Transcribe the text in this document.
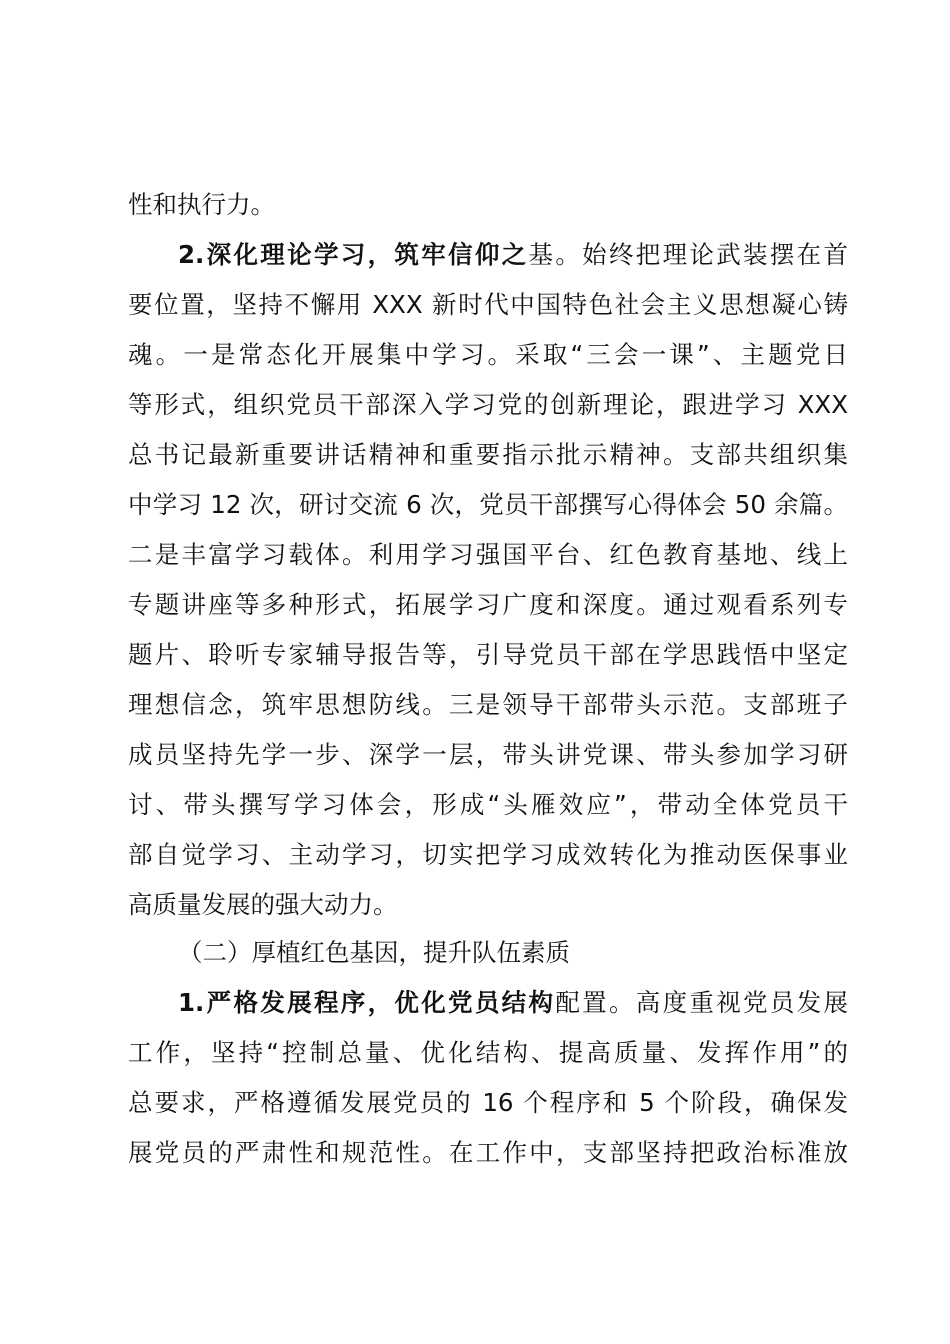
性和执行力。

2.深化理论学习，筑牢信仰之基。始终把理论武装摆在首

要位置，坚持不懈用 XXX 新时代中国特色社会主义思想凝心铸

魂。一是常态化开展集中学习。采取“三会一课”、主题党日

等形式，组织党员干部深入学习党的创新理论，跟进学习 XXX

总书记最新重要讲话精神和重要指示批示精神。支部共组织集

中学习 12 次，研讨交流 6 次，党员干部撰写心得体会 50 余篇。

二是丰富学习载体。利用学习强国平台、红色教育基地、线上

专题讲座等多种形式，拓展学习广度和深度。通过观看系列专

题片、聆听专家辅导报告等，引导党员干部在学思践悟中坚定

理想信念，筑牢思想防线。三是领导干部带头示范。支部班子

成员坚持先学一步、深学一层，带头讲党课、带头参加学习研

讨、带头撰写学习体会，形成“头雁效应”，带动全体党员干

部自觉学习、主动学习，切实把学习成效转化为推动医保事业

高质量发展的强大动力。

（二）厚植红色基因，提升队伍素质

1.严格发展程序，优化党员结构配置。高度重视党员发展

工作，坚持“控制总量、优化结构、提高质量、发挥作用”的

总要求，严格遵循发展党员的 16 个程序和 5 个阶段，确保发

展党员的严肃性和规范性。在工作中，支部坚持把政治标准放
